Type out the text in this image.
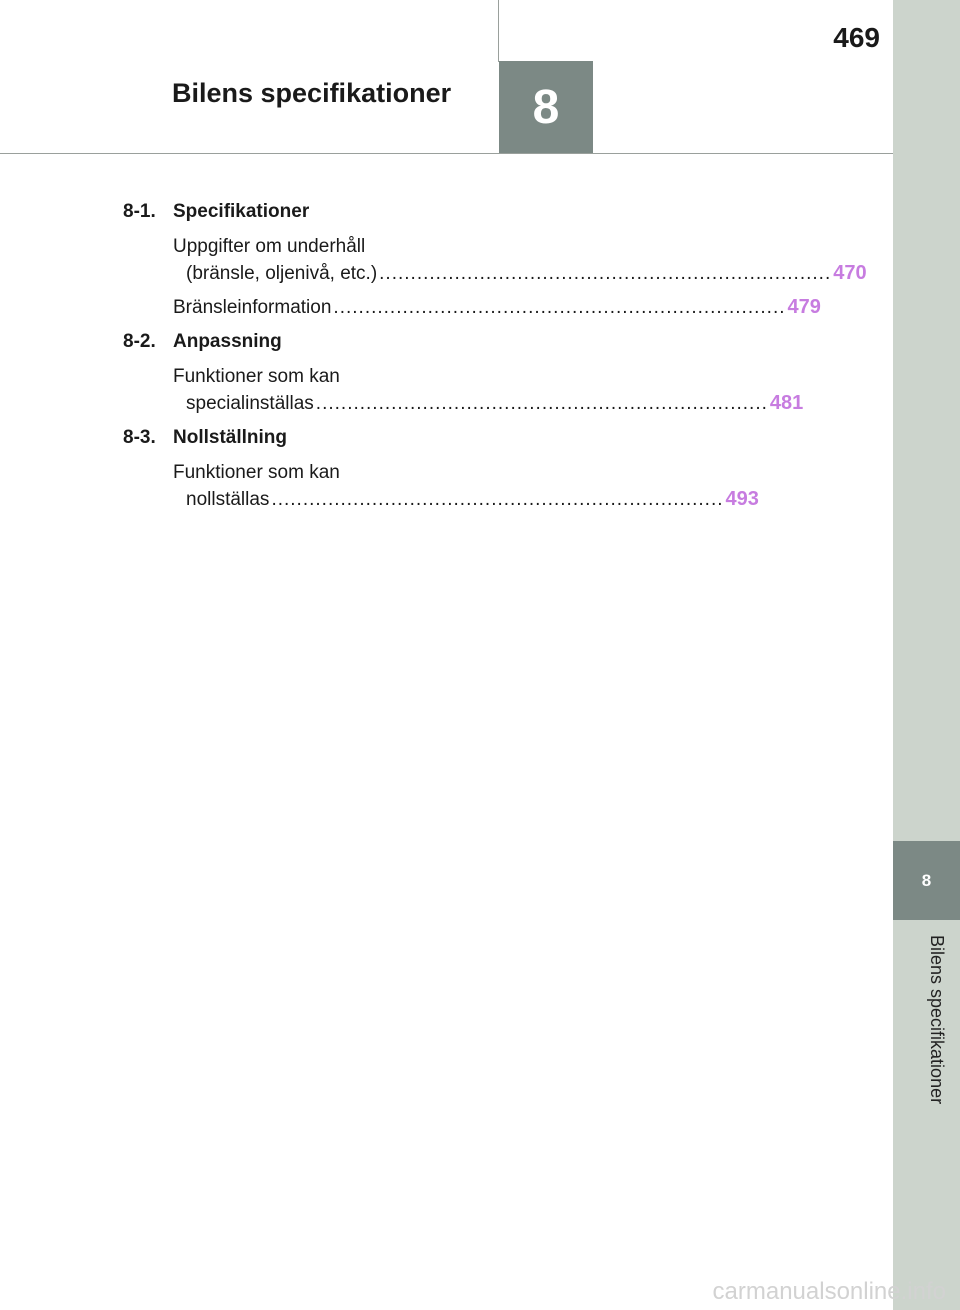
8
Bilens specifikationer
469
Bilens specifikationer	8
8-1. Specifikationer
Uppgifter om underhåll
(bränsle, oljenivå, etc.) ........................................................................ 470
Bränsleinformation ........................................................................ 479
8-2. Anpassning
Funktioner som kan
specialinställas ........................................................................ 481
8-3. Nollställning
Funktioner som kan
nollställas ........................................................................ 493
carmanualsonline.info
